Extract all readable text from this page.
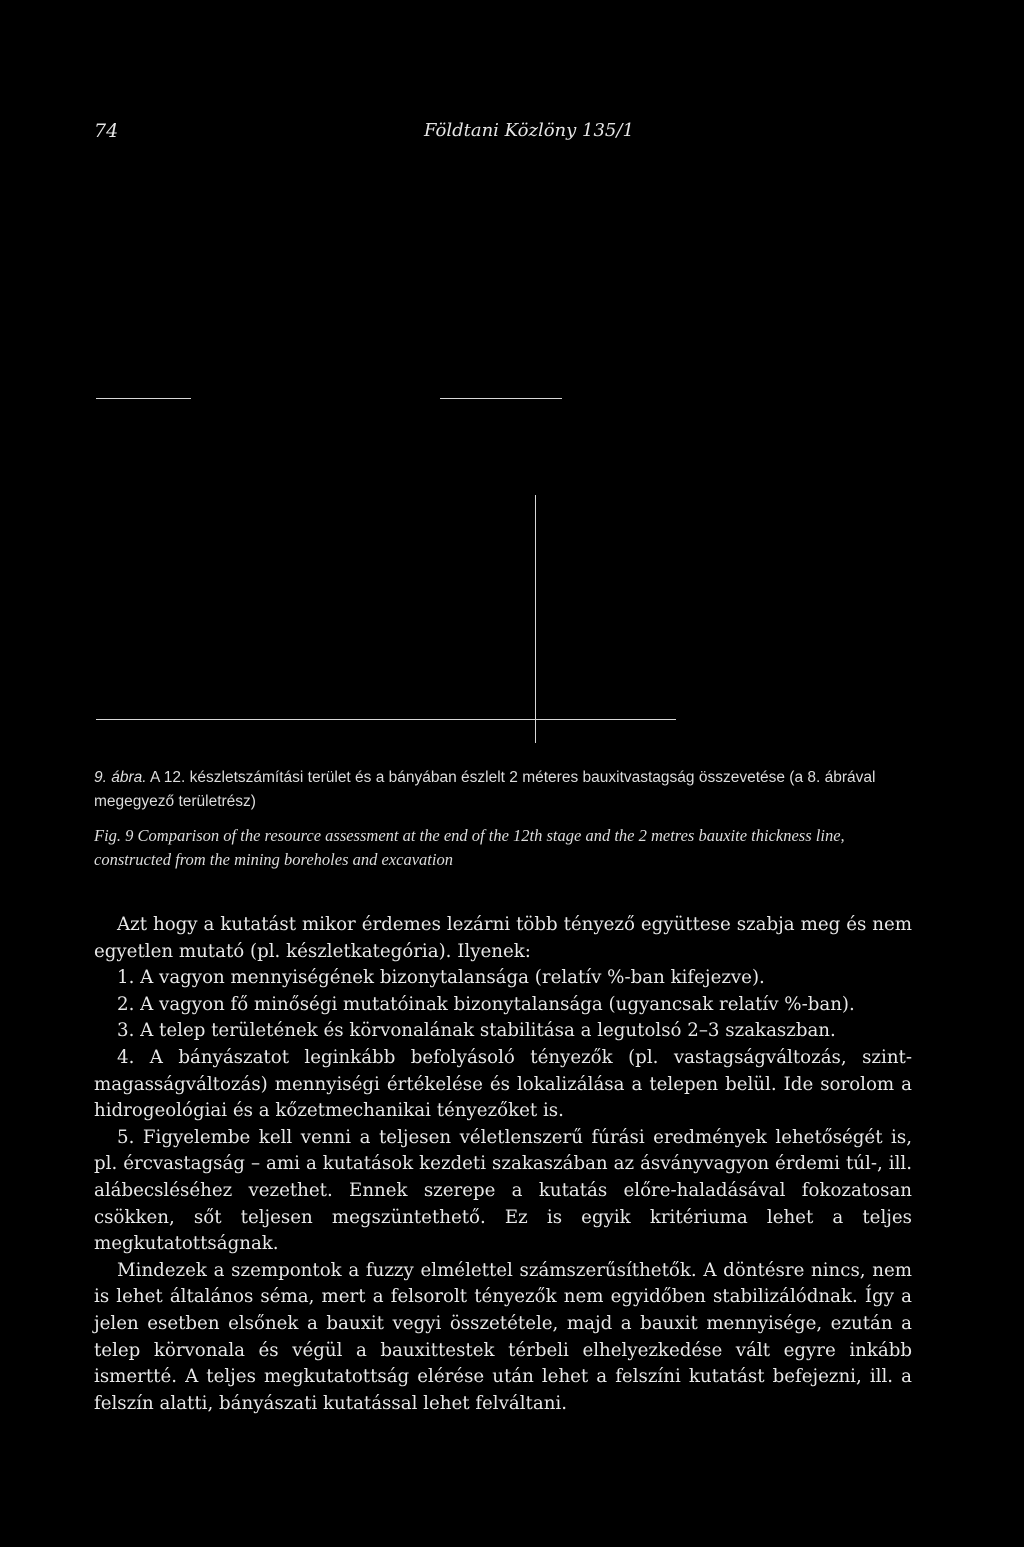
74	Földtani Közlöny 135/1
9. ábra. A 12. készletszámítási terület és a bányában észlelt 2 méteres bauxitvastagság összevetése (a 8. ábrával megegyező területrész)
Fig. 9 Comparison of the resource assessment at the end of the 12th stage and the 2 metres bauxite thickness line, constructed from the mining boreholes and excavation

Azt hogy a kutatást mikor érdemes lezárni több tényező együttese szabja meg és nem egyetlen mutató (pl. készletkategória). Ilyenek:

1. A vagyon mennyiségének bizonytalansága (relatív %-ban kifejezve).

2. A vagyon fő minőségi mutatóinak bizonytalansága (ugyancsak relatív %-ban).

3. A telep területének és körvonalának stabilitása a legutolsó 2–3 szakaszban.

4. A bányászatot leginkább befolyásoló tényezők (pl. vastagságváltozás, szint-magasságváltozás) mennyiségi értékelése és lokalizálása a telepen belül. Ide sorolom a hidrogeológiai és a kőzetmechanikai tényezőket is.

5. Figyelembe kell venni a teljesen véletlenszerű fúrási eredmények lehetőségét is, pl. ércvastagság – ami a kutatások kezdeti szakaszában az ásványvagyon érdemi túl-, ill. alábecsléséhez vezethet. Ennek szerepe a kutatás előre-haladásával fokozatosan csökken, sőt teljesen megszüntethető. Ez is egyik kritériuma lehet a teljes megkutatottságnak.

Mindezek a szempontok a fuzzy elmélettel számszerűsíthetők. A döntésre nincs, nem is lehet általános séma, mert a felsorolt tényezők nem egyidőben stabilizálódnak. Így a jelen esetben elsőnek a bauxit vegyi összetétele, majd a bauxit mennyisége, ezután a telep körvonala és végül a bauxittestek térbeli elhelyezkedése vált egyre inkább ismertté. A teljes megkutatottság elérése után lehet a felszíni kutatást befejezni, ill. a felszín alatti, bányászati kutatással lehet felváltani.
